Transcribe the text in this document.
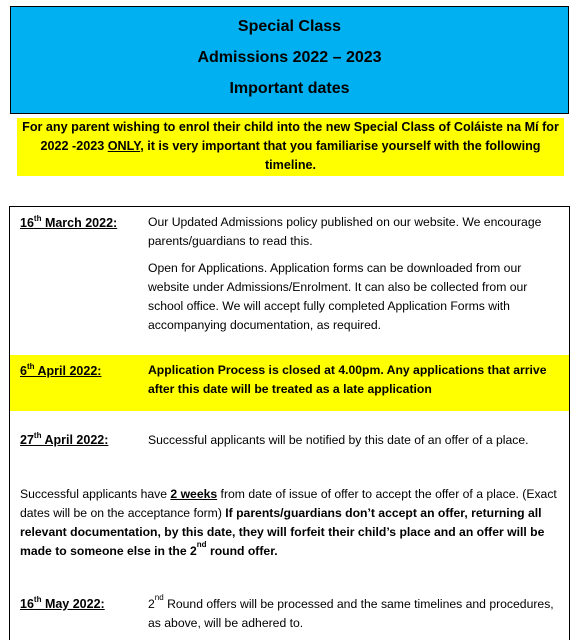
Special Class
Admissions 2022 – 2023
Important dates
For any parent wishing to enrol their child into the new Special Class of Coláiste na Mí for 2022 -2023 ONLY, it is very important that you familiarise yourself with the following timeline.
16th March 2022:	Our Updated Admissions policy published on our website. We encourage parents/guardians to read this.
Open for Applications. Application forms can be downloaded from our website under Admissions/Enrolment. It can also be collected from our school office. We will accept fully completed Application Forms with accompanying documentation, as required.
6th April 2022:	Application Process is closed at 4.00pm. Any applications that arrive after this date will be treated as a late application
27th April 2022:	Successful applicants will be notified by this date of an offer of a place.
Successful applicants have 2 weeks from date of issue of offer to accept the offer of a place. (Exact dates will be on the acceptance form) If parents/guardians don’t accept an offer, returning all relevant documentation, by this date, they will forfeit their child’s place and an offer will be made to someone else in the 2nd round offer.
16th May 2022:	2nd Round offers will be processed and the same timelines and procedures, as above, will be adhered to.
